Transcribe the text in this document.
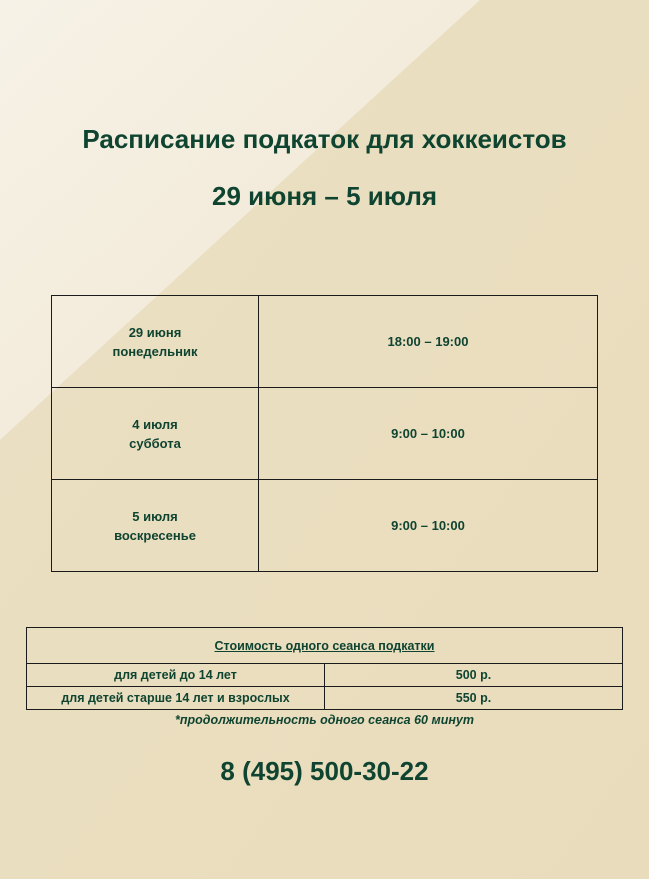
Расписание подкаток для хоккеистов
29 июня – 5 июля
29 июня
понедельник	18:00 – 19:00

4 июля
суббота	9:00 – 10:00

5 июля
воскресенье	9:00 – 10:00
Стоимость одного сеанса подкатки	
для детей до 14 лет	500 р.
для детей старше 14 лет и взрослых	550 р.
*продолжительность одного сеанса 60 минут
8 (495) 500-30-22
